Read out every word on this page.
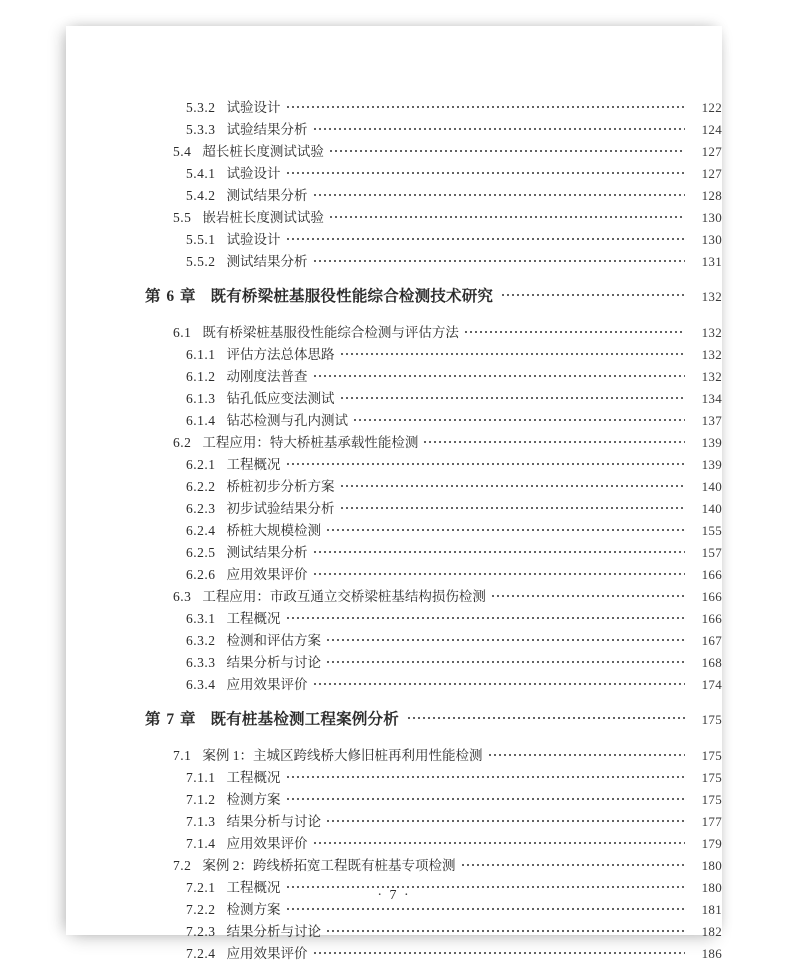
5.3.2 试验设计	122
5.3.3 试验结果分析	124
5.4 超长桩长度测试试验	127
5.4.1 试验设计	127
5.4.2 测试结果分析	128
5.5 嵌岩桩长度测试试验	130
5.5.1 试验设计	130
5.5.2 测试结果分析	131
第 6 章 既有桥梁桩基服役性能综合检测技术研究	132
6.1 既有桥梁桩基服役性能综合检测与评估方法	132
6.1.1 评估方法总体思路	132
6.1.2 动刚度法普查	132
6.1.3 钻孔低应变法测试	134
6.1.4 钻芯检测与孔内测试	137
6.2 工程应用：特大桥桩基承载性能检测	139
6.2.1 工程概况	139
6.2.2 桥桩初步分析方案	140
6.2.3 初步试验结果分析	140
6.2.4 桥桩大规模检测	155
6.2.5 测试结果分析	157
6.2.6 应用效果评价	166
6.3 工程应用：市政互通立交桥梁桩基结构损伤检测	166
6.3.1 工程概况	166
6.3.2 检测和评估方案	167
6.3.3 结果分析与讨论	168
6.3.4 应用效果评价	174
第 7 章 既有桩基检测工程案例分析	175
7.1 案例 1：主城区跨线桥大修旧桩再利用性能检测	175
7.1.1 工程概况	175
7.1.2 检测方案	175
7.1.3 结果分析与讨论	177
7.1.4 应用效果评价	179
7.2 案例 2：跨线桥拓宽工程既有桩基专项检测	180
7.2.1 工程概况	180
7.2.2 检测方案	181
7.2.3 结果分析与讨论	182
7.2.4 应用效果评价	186
· 7 ·
